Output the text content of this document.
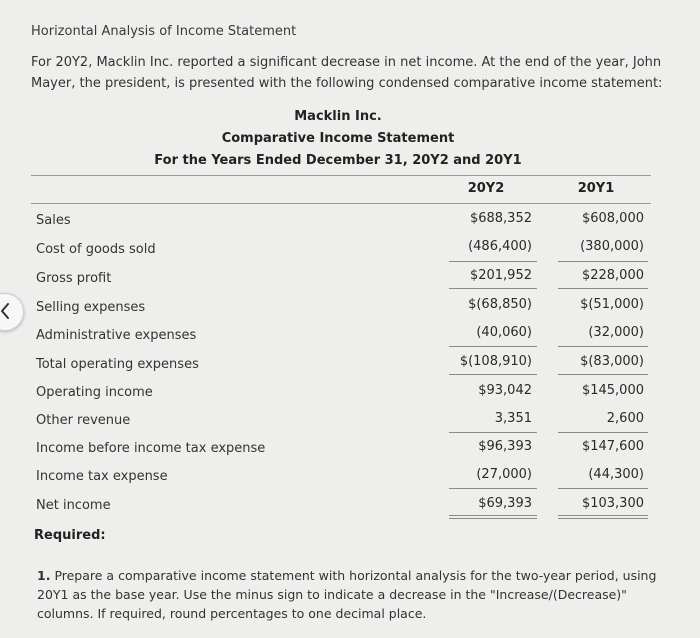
Horizontal Analysis of Income Statement
For 20Y2, Macklin Inc. reported a significant decrease in net income. At the end of the year, John Mayer, the president, is presented with the following condensed comparative income statement:
Macklin Inc.
Comparative Income Statement
For the Years Ended December 31, 20Y2 and 20Y1
20Y2	20Y1
Sales	$688,352	$608,000
Cost of goods sold	(486,400)	(380,000)
Gross profit	$201,952	$228,000
Selling expenses	$(68,850)	$(51,000)
Administrative expenses	(40,060)	(32,000)
Total operating expenses	$(108,910)	$(83,000)
Operating income	$93,042	$145,000
Other revenue	3,351	2,600
Income before income tax expense	$96,393	$147,600
Income tax expense	(27,000)	(44,300)
Net income	$69,393	$103,300
Required:
1. Prepare a comparative income statement with horizontal analysis for the two-year period, using 20Y1 as the base year. Use the minus sign to indicate a decrease in the "Increase/(Decrease)" columns. If required, round percentages to one decimal place.
